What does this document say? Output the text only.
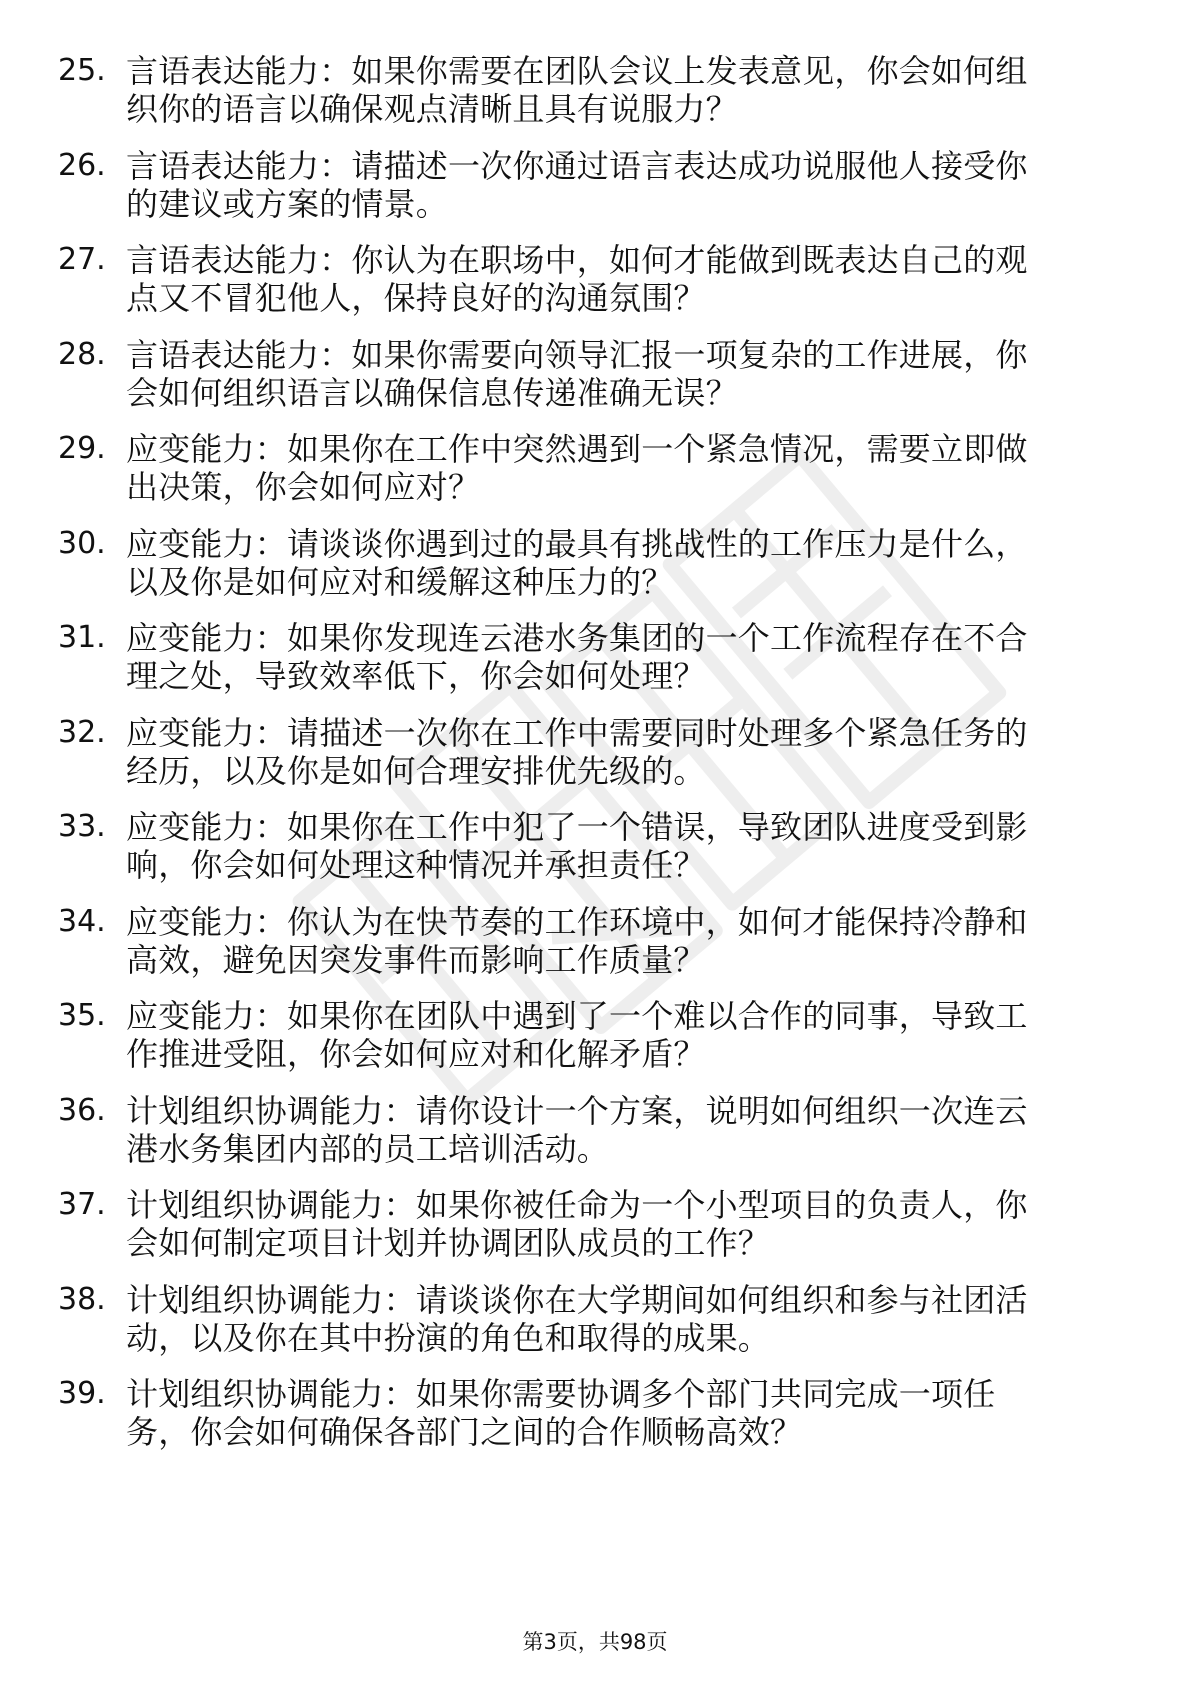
25. 言语表达能力：如果你需要在团队会议上发表意见，你会如何组
织你的语言以确保观点清晰且具有说服力？
26. 言语表达能力：请描述一次你通过语言表达成功说服他人接受你
的建议或方案的情景。
27. 言语表达能力：你认为在职场中，如何才能做到既表达自己的观
点又不冒犯他人，保持良好的沟通氛围？
28. 言语表达能力：如果你需要向领导汇报一项复杂的工作进展，你
会如何组织语言以确保信息传递准确无误？
29. 应变能力：如果你在工作中突然遇到一个紧急情况，需要立即做
出决策，你会如何应对？
30. 应变能力：请谈谈你遇到过的最具有挑战性的工作压力是什么，
以及你是如何应对和缓解这种压力的？
31. 应变能力：如果你发现连云港水务集团的一个工作流程存在不合
理之处，导致效率低下，你会如何处理？
32. 应变能力：请描述一次你在工作中需要同时处理多个紧急任务的
经历，以及你是如何合理安排优先级的。
33. 应变能力：如果你在工作中犯了一个错误，导致团队进度受到影
响，你会如何处理这种情况并承担责任？
34. 应变能力：你认为在快节奏的工作环境中，如何才能保持冷静和
高效，避免因突发事件而影响工作质量？
35. 应变能力：如果你在团队中遇到了一个难以合作的同事，导致工
作推进受阻，你会如何应对和化解矛盾？
36. 计划组织协调能力：请你设计一个方案，说明如何组织一次连云
港水务集团内部的员工培训活动。
37. 计划组织协调能力：如果你被任命为一个小型项目的负责人，你
会如何制定项目计划并协调团队成员的工作？
38. 计划组织协调能力：请谈谈你在大学期间如何组织和参与社团活
动，以及你在其中扮演的角色和取得的成果。
39. 计划组织协调能力：如果你需要协调多个部门共同完成一项任
务，你会如何确保各部门之间的合作顺畅高效？
第3页，共98页
